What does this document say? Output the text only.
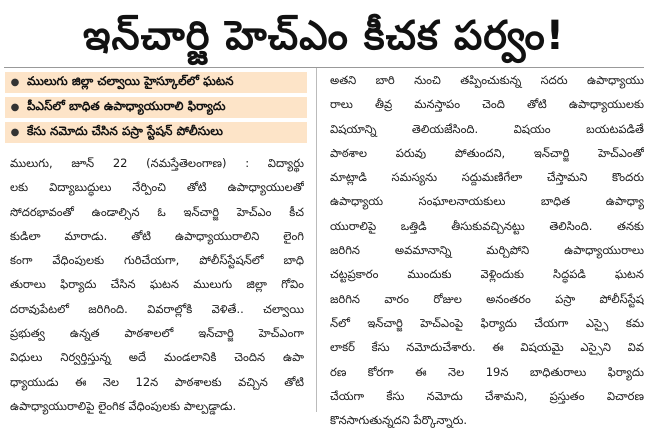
ఇన్‌చార్జి హెచ్‌ఎం కీచక పర్వం!
● ములుగు జిల్లా చల్వాయి హైస్కూల్‌లో ఘటన
● పీఎస్‌లో బాధిత ఉపాధ్యాయురాలి ఫిర్యాదు
● కేసు నమోదు చేసిన పస్రా స్టేషన్ పోలీసులు
ములుగు, జూన్ 22 (నమస్తేతెలంగాణ) : విద్యార్థు
లకు విద్యాబుద్ధులు నేర్పించి తోటి ఉపాధ్యాయులతో
సోదరభావంతో ఉండాల్సిన ఓ ఇన్‌చార్జి హెచ్‌ఎం కీచ
కుడిలా మారాడు. తోటి ఉపాధ్యాయురాలిని లైంగి
కంగా వేధింపులకు గురిచేయగా, పోలీస్‌స్టేషన్‌లో బాధి
తురాలు ఫిర్యాదు చేసిన ఘటన ములుగు జిల్లా గోవిం
దరావుపేటలో జరిగింది. వివరాల్లోకి వెళితే.. చల్వాయి
ప్రభుత్వ ఉన్నత పాఠశాలలో ఇన్‌చార్జి హెచ్‌ఎంగా
విధులు నిర్వర్తిస్తున్న అదే మండలానికి చెందిన ఉపా
ధ్యాయుడు ఈ నెల 12న పాఠశాలకు వచ్చిన తోటి
ఉపాధ్యాయురాలిపై లైంగిక వేధింపులకు పాల్పడ్డాడు.
అతని బారి నుంచి తప్పించుకున్న సదరు ఉపాధ్యాయు
రాలు తీవ్ర మనస్తాపం చెంది తోటి ఉపాధ్యాయులకు
విషయాన్ని తెలియజేసింది. విషయం బయటపడితే
పాఠశాల పరువు పోతుందని, ఇన్‌చార్జి హెచ్‌ఎంతో
మాట్లాడి సమస్యను సద్దుమణిగేలా చేస్తామని కొందరు
ఉపాధ్యాయ సంఘాలనాయకులు బాధిత ఉపాధ్యా
యురాలిపై ఒత్తిడి తీసుకువచ్చినట్టు తెలిసింది. తనకు
జరిగిన అవమానాన్ని మర్చిపోని ఉపాధ్యాయురాలు
చట్టప్రకారం ముందుకు వెళ్లిందుకు సిద్ధపడి ఘటన
జరిగిన వారం రోజుల అనంతరం పస్రా పోలీస్‌స్టేష
న్‌లో ఇన్‌చార్జి హెచ్‌ఎంపై ఫిర్యాదు చేయగా ఎస్సై కమ
లాకర్ కేసు నమోదుచేశారు. ఈ విషయమై ఎస్సైని వివ
రణ కోరగా ఈ నెల 19న బాధితురాలు ఫిర్యాదు
చేయగా కేసు నమోదు చేశామని, ప్రస్తుతం విచారణ
కొనసాగుతున్నదని పేర్కొన్నారు.
